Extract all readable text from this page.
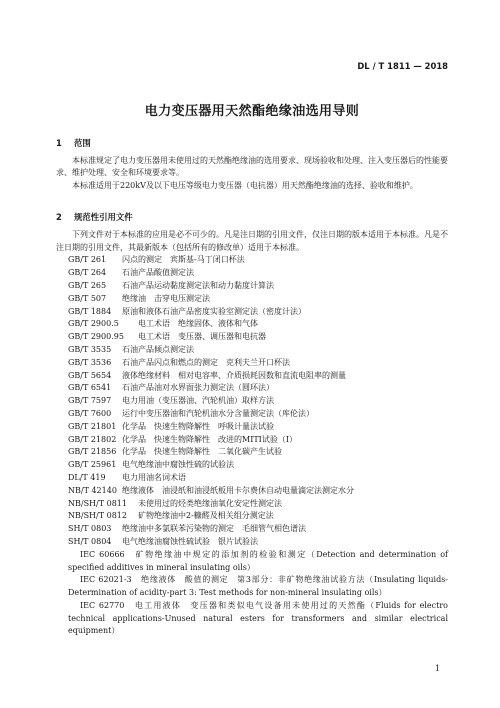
DL / T 1811 — 2018
电力变压器用天然酯绝缘油选用导则
1 范围

本标准规定了电力变压器用未使用过的天然酯绝缘油的选用要求、现场验收和处理、注入变压器后的性能要求、维护处理、安全和环境要求等。

本标准适用于220kV及以下电压等级电力变压器（电抗器）用天然酯绝缘油的选择、验收和维护。

2 规范性引用文件

下列文件对于本标准的应用是必不可少的。凡是注日期的引用文件，仅注日期的版本适用于本标准。凡是不注日期的引用文件，其最新版本（包括所有的修改单）适用于本标准。

GB/T 261 闪点的测定　宾斯基-马丁闭口杯法
GB/T 264 石油产品酸值测定法
GB/T 265 石油产品运动黏度测定法和动力黏度计算法
GB/T 507 绝缘油　击穿电压测定法
GB/T 1884 原油和液体石油产品密度实验室测定法（密度计法）
GB/T 2900.5 电工术语　绝缘固体、液体和气体
GB/T 2900.95 电工术语　变压器、调压器和电抗器
GB/T 3535 石油产品倾点测定法
GB/T 3536 石油产品闪点和燃点的测定　克利夫兰开口杯法
GB/T 5654 液体绝缘材料　相对电容率、介质损耗因数和直流电阻率的测量
GB/T 6541 石油产品油对水界面张力测定法（圆环法）
GB/T 7597 电力用油（变压器油、汽轮机油）取样方法
GB/T 7600 运行中变压器油和汽轮机油水分含量测定法（库伦法）
GB/T 21801 化学品　快速生物降解性　呼吸计量法试验
GB/T 21802 化学品　快速生物降解性　改进的MITI试验（I）
GB/T 21856 化学品　快速生物降解性　二氧化碳产生试验
GB/T 25961 电气绝缘油中腐蚀性硫的试验法
DL/T 419 电力用油名词术语
NB/T 42140 绝缘液体　油浸纸和油浸纸板用卡尔费休自动电量滴定法测定水分
NB/SH/T 0811 未使用过的烃类绝缘油氧化安定性测定法
NB/SH/T 0812 矿物绝缘油中2-糠醛及相关组分测定法
SH/T 0803 绝缘油中多氯联苯污染物的测定　毛细管气相色谱法
SH/T 0804 电气绝缘油腐蚀性硫试验　银片试验法

IEC 60666　 矿物绝缘油中规定的添加剂的检验和测定（Detection and determination of specified additives in mineral insulating oils）

IEC 62021-3　 绝缘液体　酸值的测定　第3部分：非矿物绝缘油试验方法（Insulating liquids-Determination of acidity-part 3: Test methods for non-mineral insulating oils）

IEC 62770　 电工用液体　变压器和类似电气设备用未使用过的天然酯（Fluids for electro technical applications-Unused natural esters for transformers and similar electrical equipment）

1
